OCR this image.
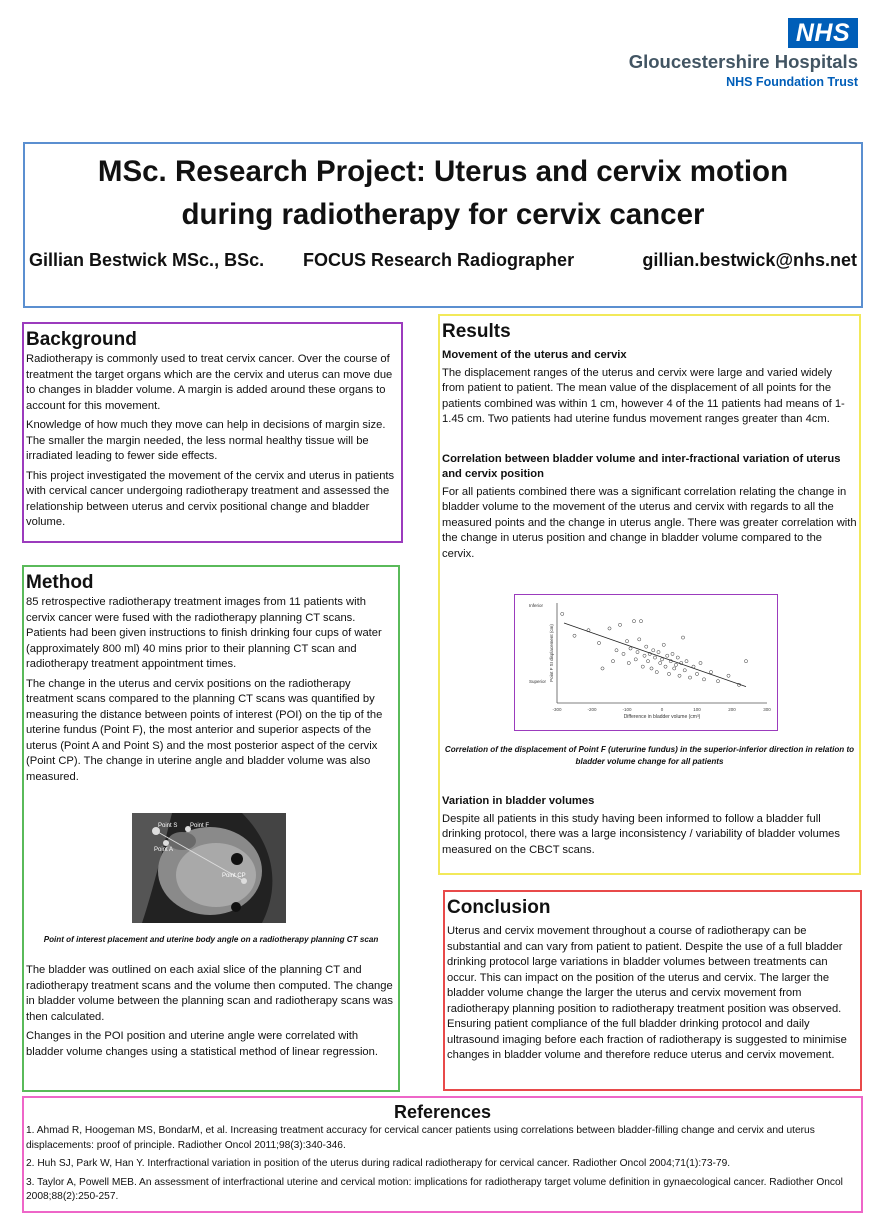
NHS
Gloucestershire Hospitals
NHS Foundation Trust
MSc. Research Project: Uterus and cervix motion
during radiotherapy for cervix cancer
Gillian Bestwick MSc., BSc. FOCUS Research Radiographer	gillian.bestwick@nhs.net
Background

Radiotherapy is commonly used to treat cervix cancer. Over the course of treatment the target organs which are the cervix and uterus can move due to changes in bladder volume. A margin is added around these organs to account for this movement.

Knowledge of how much they move can help in decisions of margin size. The smaller the margin needed, the less normal healthy tissue will be irradiated leading to fewer side effects.

This project investigated the movement of the cervix and uterus in patients with cervical cancer undergoing radiotherapy treatment and assessed the relationship between uterus and cervix positional change and bladder volume.

Method

85 retrospective radiotherapy treatment images from 11 patients with cervix cancer were fused with the radiotherapy planning CT scans. Patients had been given instructions to finish drinking four cups of water (approximately 800 ml) 40 mins prior to their planning CT scan and radiotherapy treatment appointment times.

The change in the uterus and cervix positions on the radiotherapy treatment scans compared to the planning CT scans was quantified by measuring the distance between points of interest (POI) on the tip of the uterine fundus (Point F), the most anterior and superior aspects of the uterus (Point A and Point S) and the most posterior aspect of the cervix (Point CP). The change in uterine angle and bladder volume was also measured.

Point S Point F
Point A
Point CP
Point of interest placement and uterine body angle on a radiotherapy planning CT scan

The bladder was outlined on each axial slice of the planning CT and radiotherapy treatment scans and the volume then computed. The change in bladder volume between the planning scan and radiotherapy scans was then calculated.

Changes in the POI position and uterine angle were correlated with bladder volume changes using a statistical method of linear regression.

Results
Movement of the uterus and cervix

The displacement ranges of the uterus and cervix were large and varied widely from patient to patient. The mean value of the displacement of all points for the patients combined was within 1 cm, however 4 of the 11 patients had means of 1-1.45 cm. Two patients had uterine fundus movement ranges greater than 4cm.

Correlation between bladder volume and inter-fractional variation of uterus and cervix position

For all patients combined there was a significant correlation relating the change in bladder volume to the movement of the uterus and cervix with regards to all the measured points and the change in uterus angle. There was greater correlation with the change in uterus position and change in bladder volume compared to the cervix.

-300	-200	-100	0	100	200	300
Difference in bladder volume (cm³)
Point F SI displacement (cm)
Inferior
Superior
Correlation of the displacement of Point F (uterurine fundus) in the superior-inferior direction in relation to bladder volume change for all patients
Variation in bladder volumes

Despite all patients in this study having been informed to follow a bladder full drinking protocol, there was a large inconsistency / variability of bladder volumes measured on the CBCT scans.

Conclusion

Uterus and cervix movement throughout a course of radiotherapy can be substantial and can vary from patient to patient. Despite the use of a full bladder drinking protocol large variations in bladder volumes between treatments can occur. This can impact on the position of the uterus and cervix. The larger the bladder volume change the larger the uterus and cervix movement from radiotherapy planning position to radiotherapy treatment position was observed. Ensuring patient compliance of the full bladder drinking protocol and daily ultrasound imaging before each fraction of radiotherapy is suggested to minimise changes in bladder volume and therefore reduce uterus and cervix movement.

References

1. Ahmad R, Hoogeman MS, BondarM, et al. Increasing treatment accuracy for cervical cancer patients using correlations between bladder-filling change and cervix and uterus displacements: proof of principle. Radiother Oncol 2011;98(3):340-346.

2. Huh SJ, Park W, Han Y. Interfractional variation in position of the uterus during radical radiotherapy for cervical cancer. Radiother Oncol 2004;71(1):73-79.

3. Taylor A, Powell MEB. An assessment of interfractional uterine and cervical motion: implications for radiotherapy target volume definition in gynaecological cancer. Radiother Oncol 2008;88(2):250-257.
